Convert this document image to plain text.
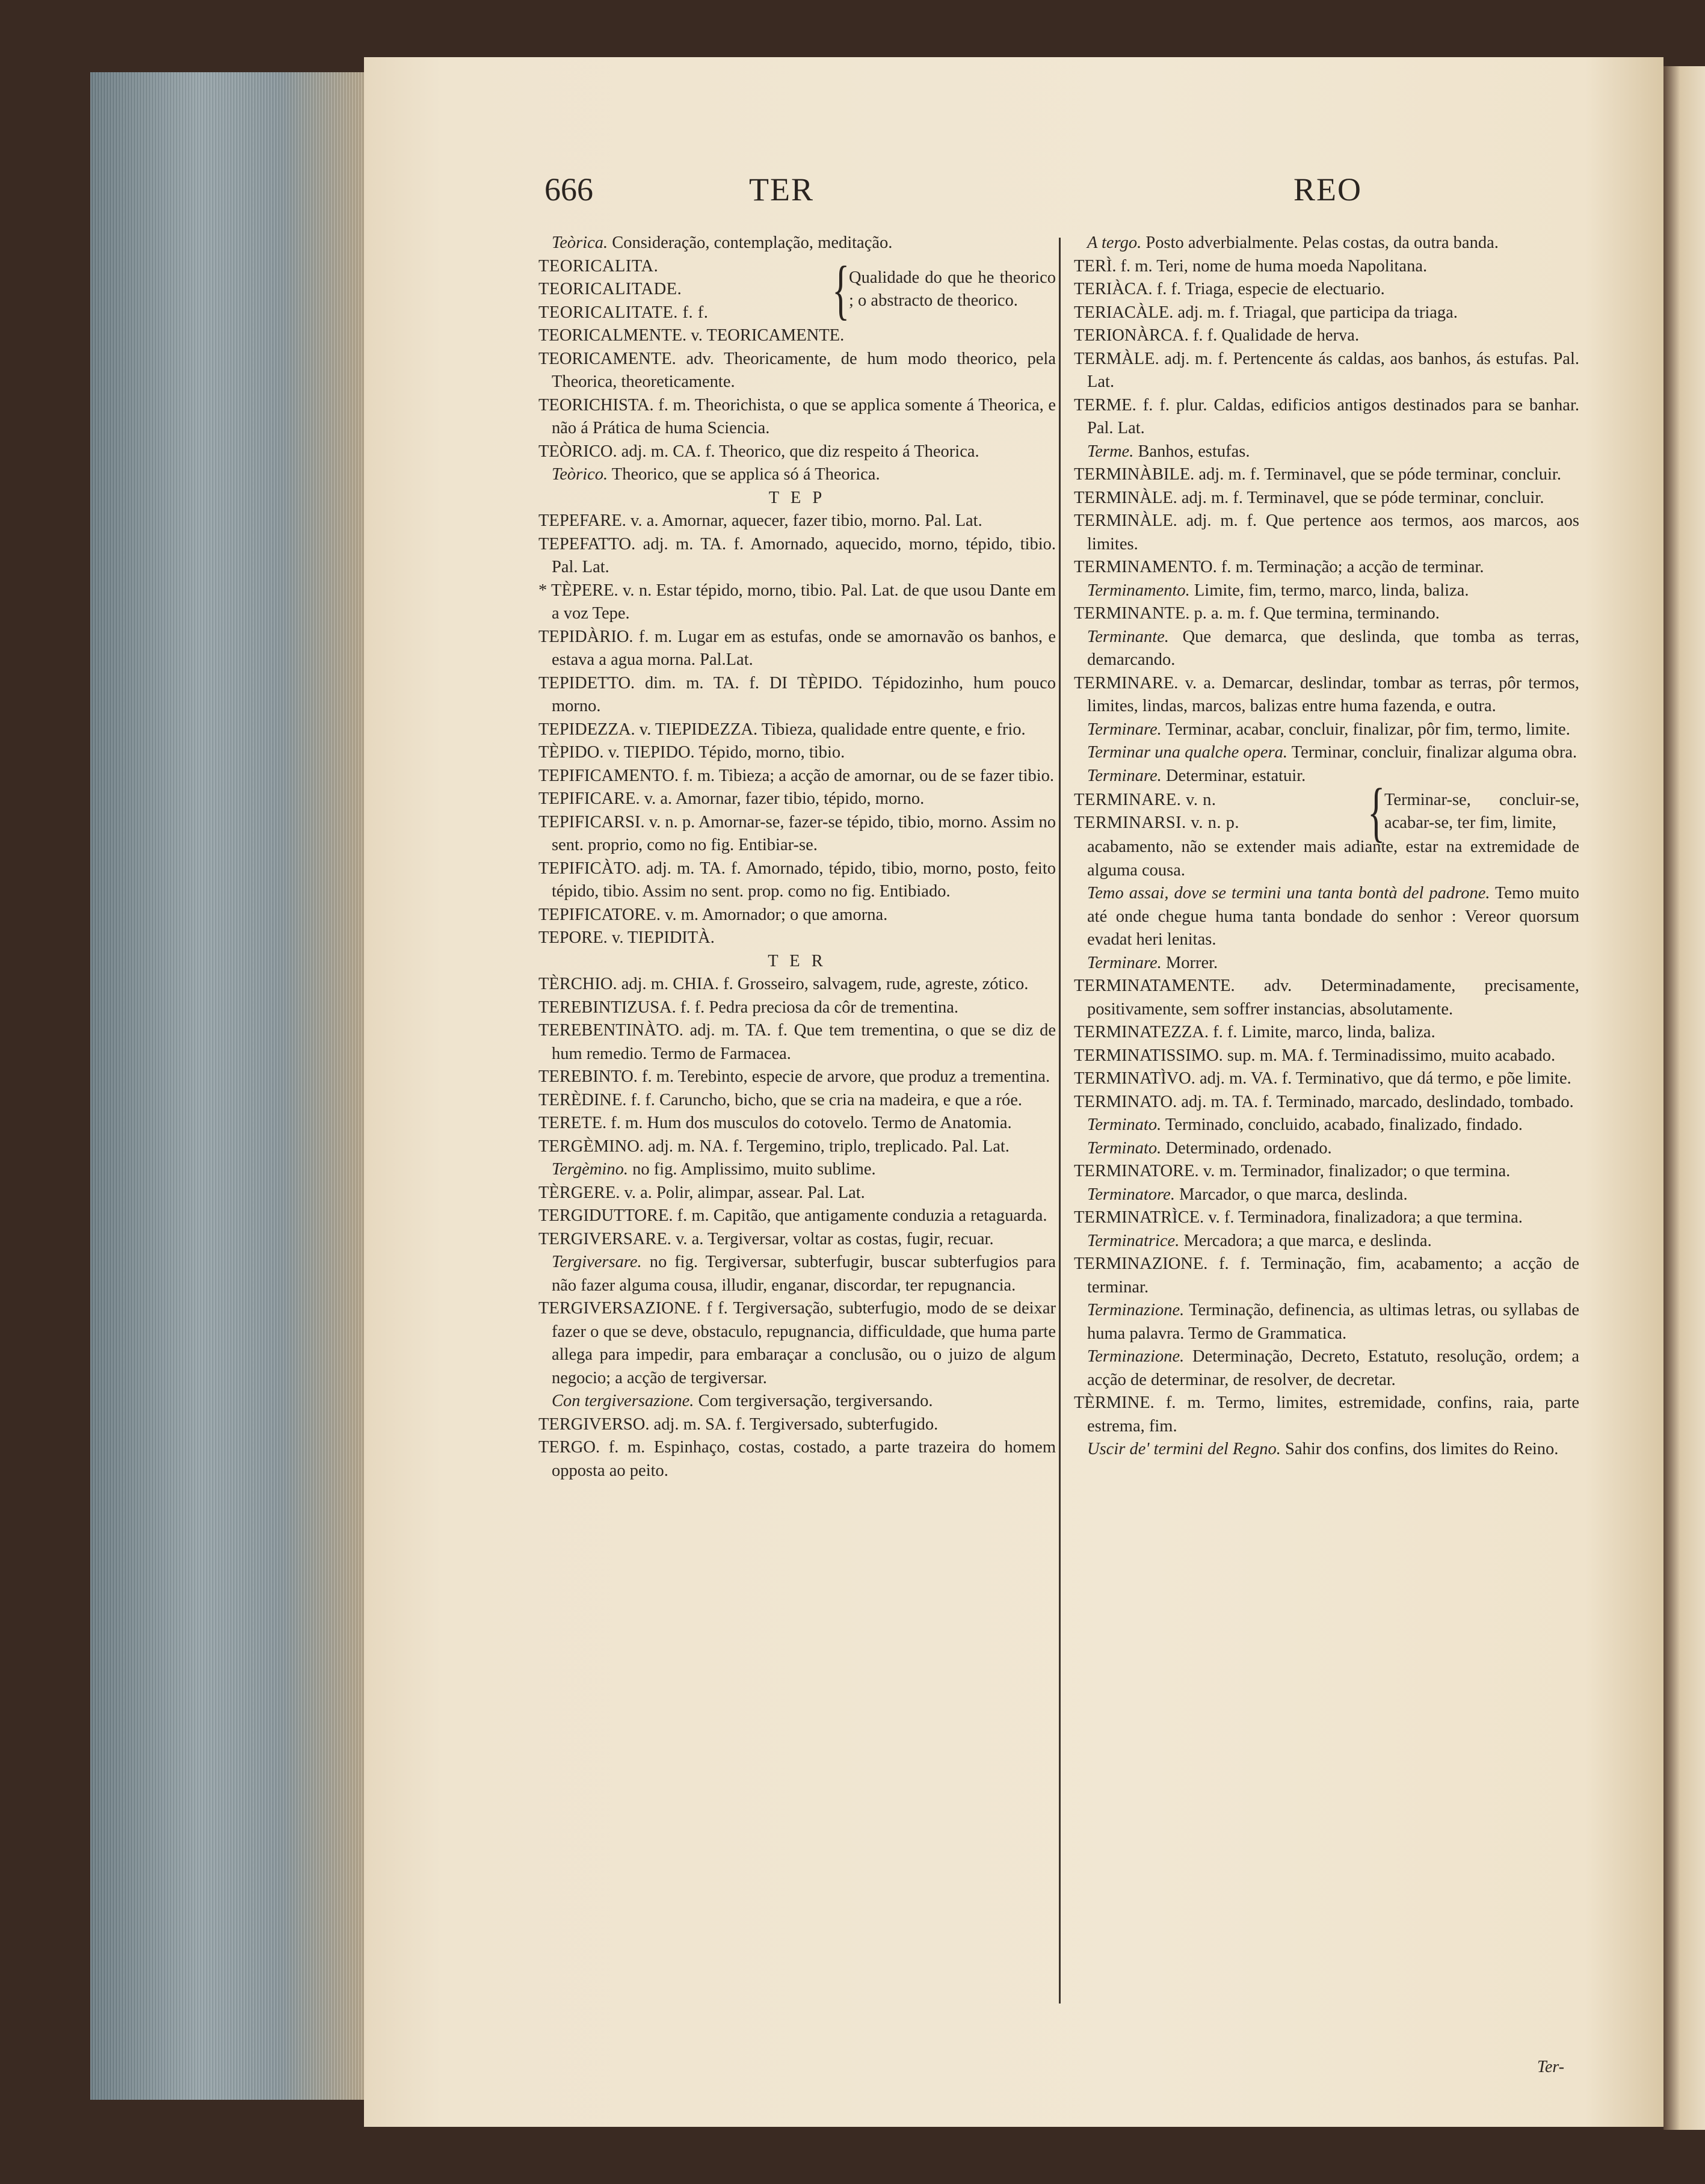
666	TER	REO

Teòrica. Consideração, contemplação, meditação.

TEORICALITA.
TEORICALITADE.
TEORICALITATE. f. f.	{
Qualidade do que he theorico ; o abstracto de theorico.

TEORICALMENTE. v. TEORICAMENTE.

TEORICAMENTE. adv. Theoricamente, de hum modo theorico, pela Theorica, theoreticamente.

TEORICHISTA. f. m. Theorichista, o que se applica somente á Theorica, e não á Prática de huma Sciencia.

TEÒRICO. adj. m. CA. f. Theorico, que diz respeito á Theorica.

Teòrico. Theorico, que se applica só á Theorica.

T E P

TEPEFARE. v. a. Amornar, aquecer, fazer tibio, morno. Pal. Lat.

TEPEFATTO. adj. m. TA. f. Amornado, aquecido, morno, tépido, tibio. Pal. Lat.

* TÈPERE. v. n. Estar tépido, morno, tibio. Pal. Lat. de que usou Dante em a voz Tepe.

TEPIDÀRIO. f. m. Lugar em as estufas, onde se amornavão os banhos, e estava a agua morna. Pal.Lat.

TEPIDETTO. dim. m. TA. f. DI TÈPIDO. Tépidozinho, hum pouco morno.

TEPIDEZZA. v. TIEPIDEZZA. Tibieza, qualidade entre quente, e frio.

TÈPIDO. v. TIEPIDO. Tépido, morno, tibio.

TEPIFICAMENTO. f. m. Tibieza; a acção de amornar, ou de se fazer tibio.

TEPIFICARE. v. a. Amornar, fazer tibio, tépido, morno.

TEPIFICARSI. v. n. p. Amornar-se, fazer-se tépido, tibio, morno. Assim no sent. proprio, como no fig. Entibiar-se.

TEPIFICÀTO. adj. m. TA. f. Amornado, tépido, tibio, morno, posto, feito tépido, tibio. Assim no sent. prop. como no fig. Entibiado.

TEPIFICATORE. v. m. Amornador; o que amorna.

TEPORE. v. TIEPIDITÀ.

T E R

TÈRCHIO. adj. m. CHIA. f. Grosseiro, salvagem, rude, agreste, zótico.

TEREBINTIZUSA. f. f. Pedra preciosa da côr de trementina.

TEREBENTINÀTO. adj. m. TA. f. Que tem trementina, o que se diz de hum remedio. Termo de Farmacea.

TEREBINTO. f. m. Terebinto, especie de arvore, que produz a trementina.

TERÈDINE. f. f. Caruncho, bicho, que se cria na madeira, e que a róe.

TERETE. f. m. Hum dos musculos do cotovelo. Termo de Anatomia.

TERGÈMINO. adj. m. NA. f. Tergemino, triplo, treplicado. Pal. Lat.

Tergèmino. no fig. Amplissimo, muito sublime.

TÈRGERE. v. a. Polir, alimpar, assear. Pal. Lat.

TERGIDUTTORE. f. m. Capitão, que antigamente conduzia a retaguarda.

TERGIVERSARE. v. a. Tergiversar, voltar as costas, fugir, recuar.

Tergiversare. no fig. Tergiversar, subterfugir, buscar subterfugios para não fazer alguma cousa, illudir, enganar, discordar, ter repugnancia.

TERGIVERSAZIONE. f f. Tergiversação, subterfugio, modo de se deixar fazer o que se deve, obstaculo, repugnancia, difficuldade, que huma parte allega para impedir, para embaraçar a conclusão, ou o juizo de algum negocio; a acção de tergiversar.

Con tergiversazione. Com tergiversação, tergiversando.

TERGIVERSO. adj. m. SA. f. Tergiversado, subterfugido.

TERGO. f. m. Espinhaço, costas, costado, a parte trazeira do homem opposta ao peito.

A tergo. Posto adverbialmente. Pelas costas, da outra banda.

TERÌ. f. m. Teri, nome de huma moeda Napolitana.

TERIÀCA. f. f. Triaga, especie de electuario.

TERIACÀLE. adj. m. f. Triagal, que participa da triaga.

TERIONÀRCA. f. f. Qualidade de herva.

TERMÀLE. adj. m. f. Pertencente ás caldas, aos banhos, ás estufas. Pal. Lat.

TERME. f. f. plur. Caldas, edificios antigos destinados para se banhar. Pal. Lat.

Terme. Banhos, estufas.

TERMINÀBILE. adj. m. f. Terminavel, que se póde terminar, concluir.

TERMINÀLE. adj. m. f. Terminavel, que se póde terminar, concluir.

TERMINÀLE. adj. m. f. Que pertence aos termos, aos marcos, aos limites.

TERMINAMENTO. f. m. Terminação; a acção de terminar.

Terminamento. Limite, fim, termo, marco, linda, baliza.

TERMINANTE. p. a. m. f. Que termina, terminando.

Terminante. Que demarca, que deslinda, que tomba as terras, demarcando.

TERMINARE. v. a. Demarcar, deslindar, tombar as terras, pôr termos, limites, lindas, marcos, balizas entre huma fazenda, e outra.

Terminare. Terminar, acabar, concluir, finalizar, pôr fim, termo, limite.

Terminar una qualche opera. Terminar, concluir, finalizar alguma obra.

Terminare. Determinar, estatuir.

TERMINARE. v. n.
TERMINARSI. v. n. p.	{
Terminar-se, concluir-se, acabar-se, ter fim, limite,

acabamento, não se extender mais adiante, estar na extremidade de alguma cousa.

Temo assai, dove se termini una tanta bontà del padrone. Temo muito até onde chegue huma tanta bondade do senhor : Vereor quorsum evadat heri lenitas.

Terminare. Morrer.

TERMINATAMENTE. adv. Determinadamente, precisamente, positivamente, sem soffrer instancias, absolutamente.

TERMINATEZZA. f. f. Limite, marco, linda, baliza.

TERMINATISSIMO. sup. m. MA. f. Terminadissimo, muito acabado.

TERMINATÌVO. adj. m. VA. f. Terminativo, que dá termo, e põe limite.

TERMINATO. adj. m. TA. f. Terminado, marcado, deslindado, tombado.

Terminato. Terminado, concluido, acabado, finalizado, findado.

Terminato. Determinado, ordenado.

TERMINATORE. v. m. Terminador, finalizador; o que termina.

Terminatore. Marcador, o que marca, deslinda.

TERMINATRÌCE. v. f. Terminadora, finalizadora; a que termina.

Terminatrice. Mercadora; a que marca, e deslinda.

TERMINAZIONE. f. f. Terminação, fim, acabamento; a acção de terminar.

Terminazione. Terminação, definencia, as ultimas letras, ou syllabas de huma palavra. Termo de Grammatica.

Terminazione. Determinação, Decreto, Estatuto, resolução, ordem; a acção de determinar, de resolver, de decretar.

TÈRMINE. f. m. Termo, limites, estremidade, confins, raia, parte estrema, fim.

Uscir de' termini del Regno. Sahir dos confins, dos limites do Reino.

Ter-
